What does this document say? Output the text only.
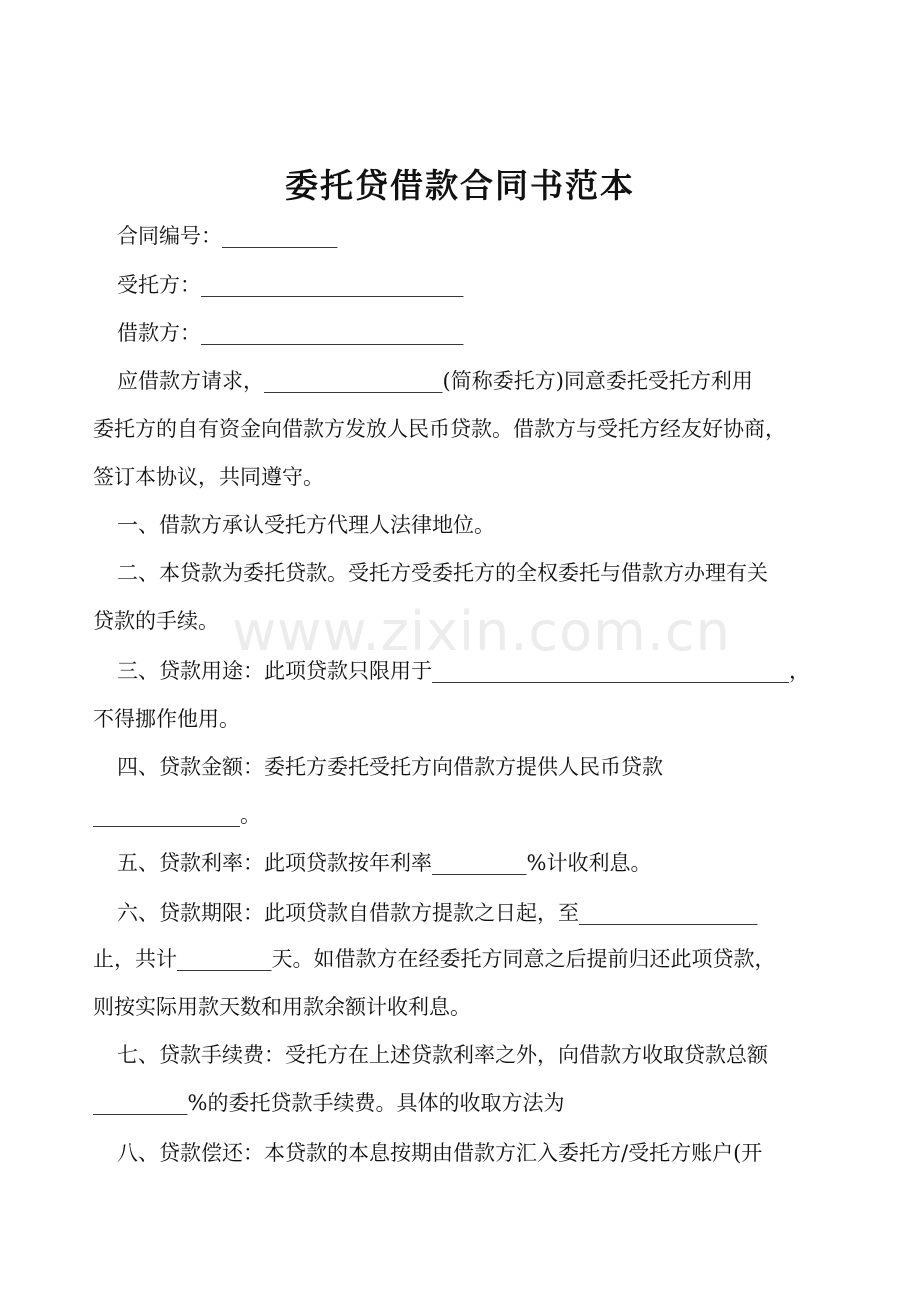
委托贷借款合同书范本
合同编号：___________
受托方：_________________________
借款方：_________________________
应借款方请求，_________________(简称委托方)同意委托受托方利用
委托方的自有资金向借款方发放人民币贷款。借款方与受托方经友好协商，
签订本协议，共同遵守。
一、借款方承认受托方代理人法律地位。
二、本贷款为委托贷款。受托方受委托方的全权委托与借款方办理有关
贷款的手续。
三、贷款用途：此项贷款只限用于__________________________________，
不得挪作他用。
四、贷款金额：委托方委托受托方向借款方提供人民币贷款
______________。
五、贷款利率：此项贷款按年利率_________%计收利息。
六、贷款期限：此项贷款自借款方提款之日起，至_________________
止，共计_________天。如借款方在经委托方同意之后提前归还此项贷款，
则按实际用款天数和用款余额计收利息。
七、贷款手续费：受托方在上述贷款利率之外，向借款方收取贷款总额
_________%的委托贷款手续费。具体的收取方法为
八、贷款偿还：本贷款的本息按期由借款方汇入委托方/受托方账户(开
www.zixin.com.cn
